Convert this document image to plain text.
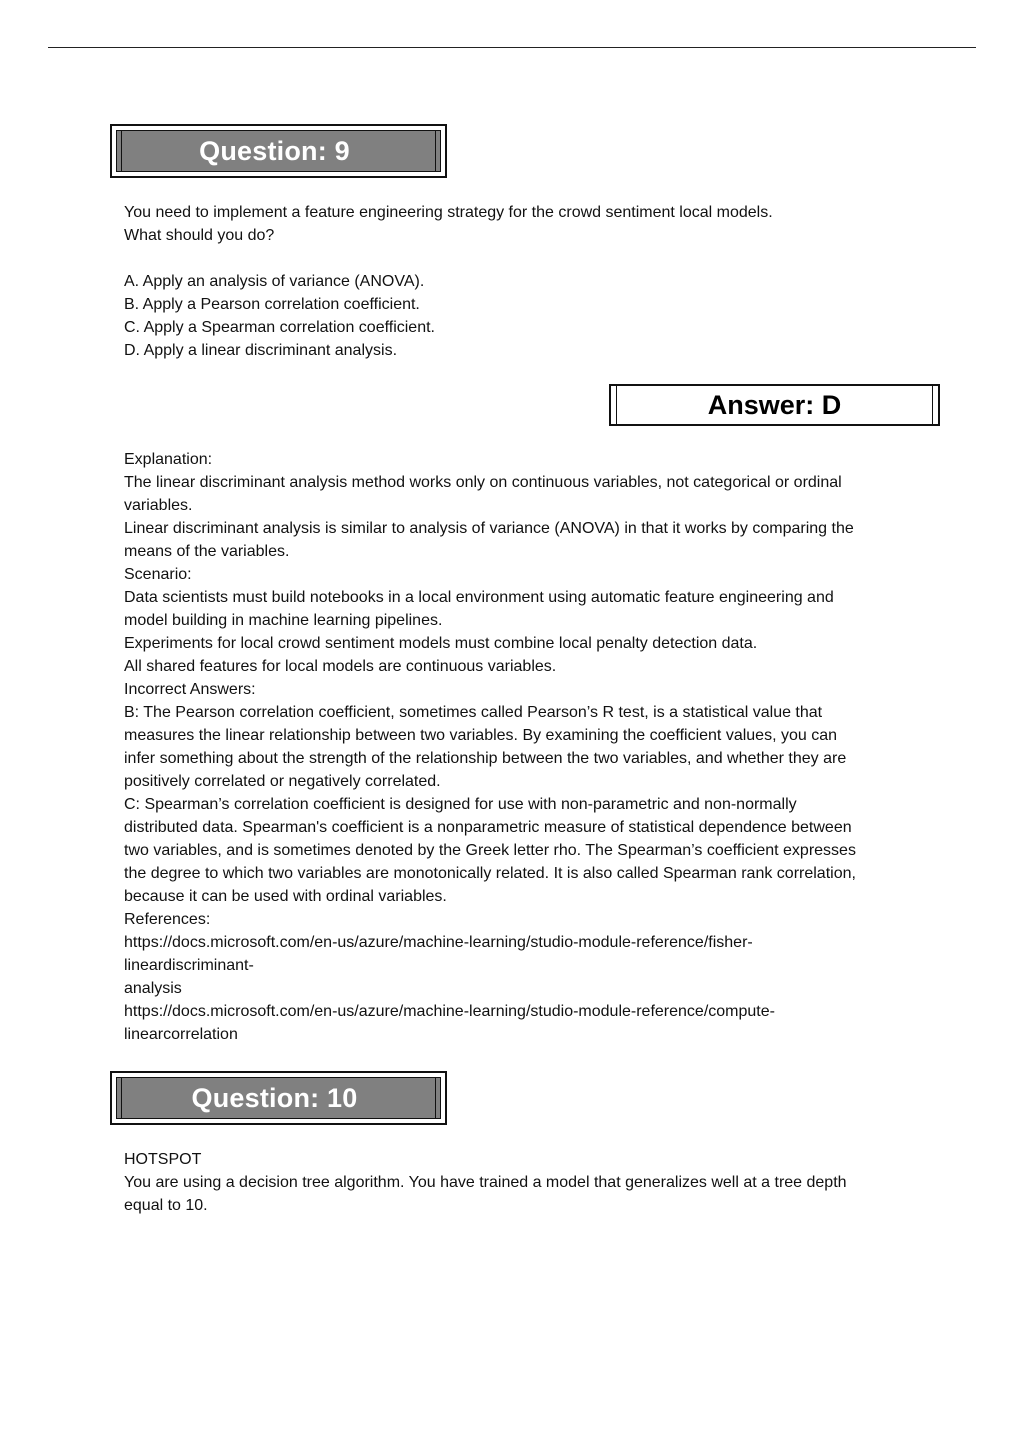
Question: 9
You need to implement a feature engineering strategy for the crowd sentiment local models.
What should you do?
A. Apply an analysis of variance (ANOVA).
B. Apply a Pearson correlation coefficient.
C. Apply a Spearman correlation coefficient.
D. Apply a linear discriminant analysis.
Answer: D
Explanation:
The linear discriminant analysis method works only on continuous variables, not categorical or ordinal
variables.
Linear discriminant analysis is similar to analysis of variance (ANOVA) in that it works by comparing the
means of the variables.
Scenario:
Data scientists must build notebooks in a local environment using automatic feature engineering and
model building in machine learning pipelines.
Experiments for local crowd sentiment models must combine local penalty detection data.
All shared features for local models are continuous variables.
Incorrect Answers:
B: The Pearson correlation coefficient, sometimes called Pearson’s R test, is a statistical value that
measures the linear relationship between two variables. By examining the coefficient values, you can
infer something about the strength of the relationship between the two variables, and whether they are
positively correlated or negatively correlated.
C: Spearman’s correlation coefficient is designed for use with non-parametric and non-normally
distributed data. Spearman's coefficient is a nonparametric measure of statistical dependence between
two variables, and is sometimes denoted by the Greek letter rho. The Spearman’s coefficient expresses
the degree to which two variables are monotonically related. It is also called Spearman rank correlation,
because it can be used with ordinal variables.
References:
https://docs.microsoft.com/en-us/azure/machine-learning/studio-module-reference/fisher-
lineardiscriminant-
analysis
https://docs.microsoft.com/en-us/azure/machine-learning/studio-module-reference/compute-
linearcorrelation
Question: 10
HOTSPOT
You are using a decision tree algorithm. You have trained a model that generalizes well at a tree depth
equal to 10.
